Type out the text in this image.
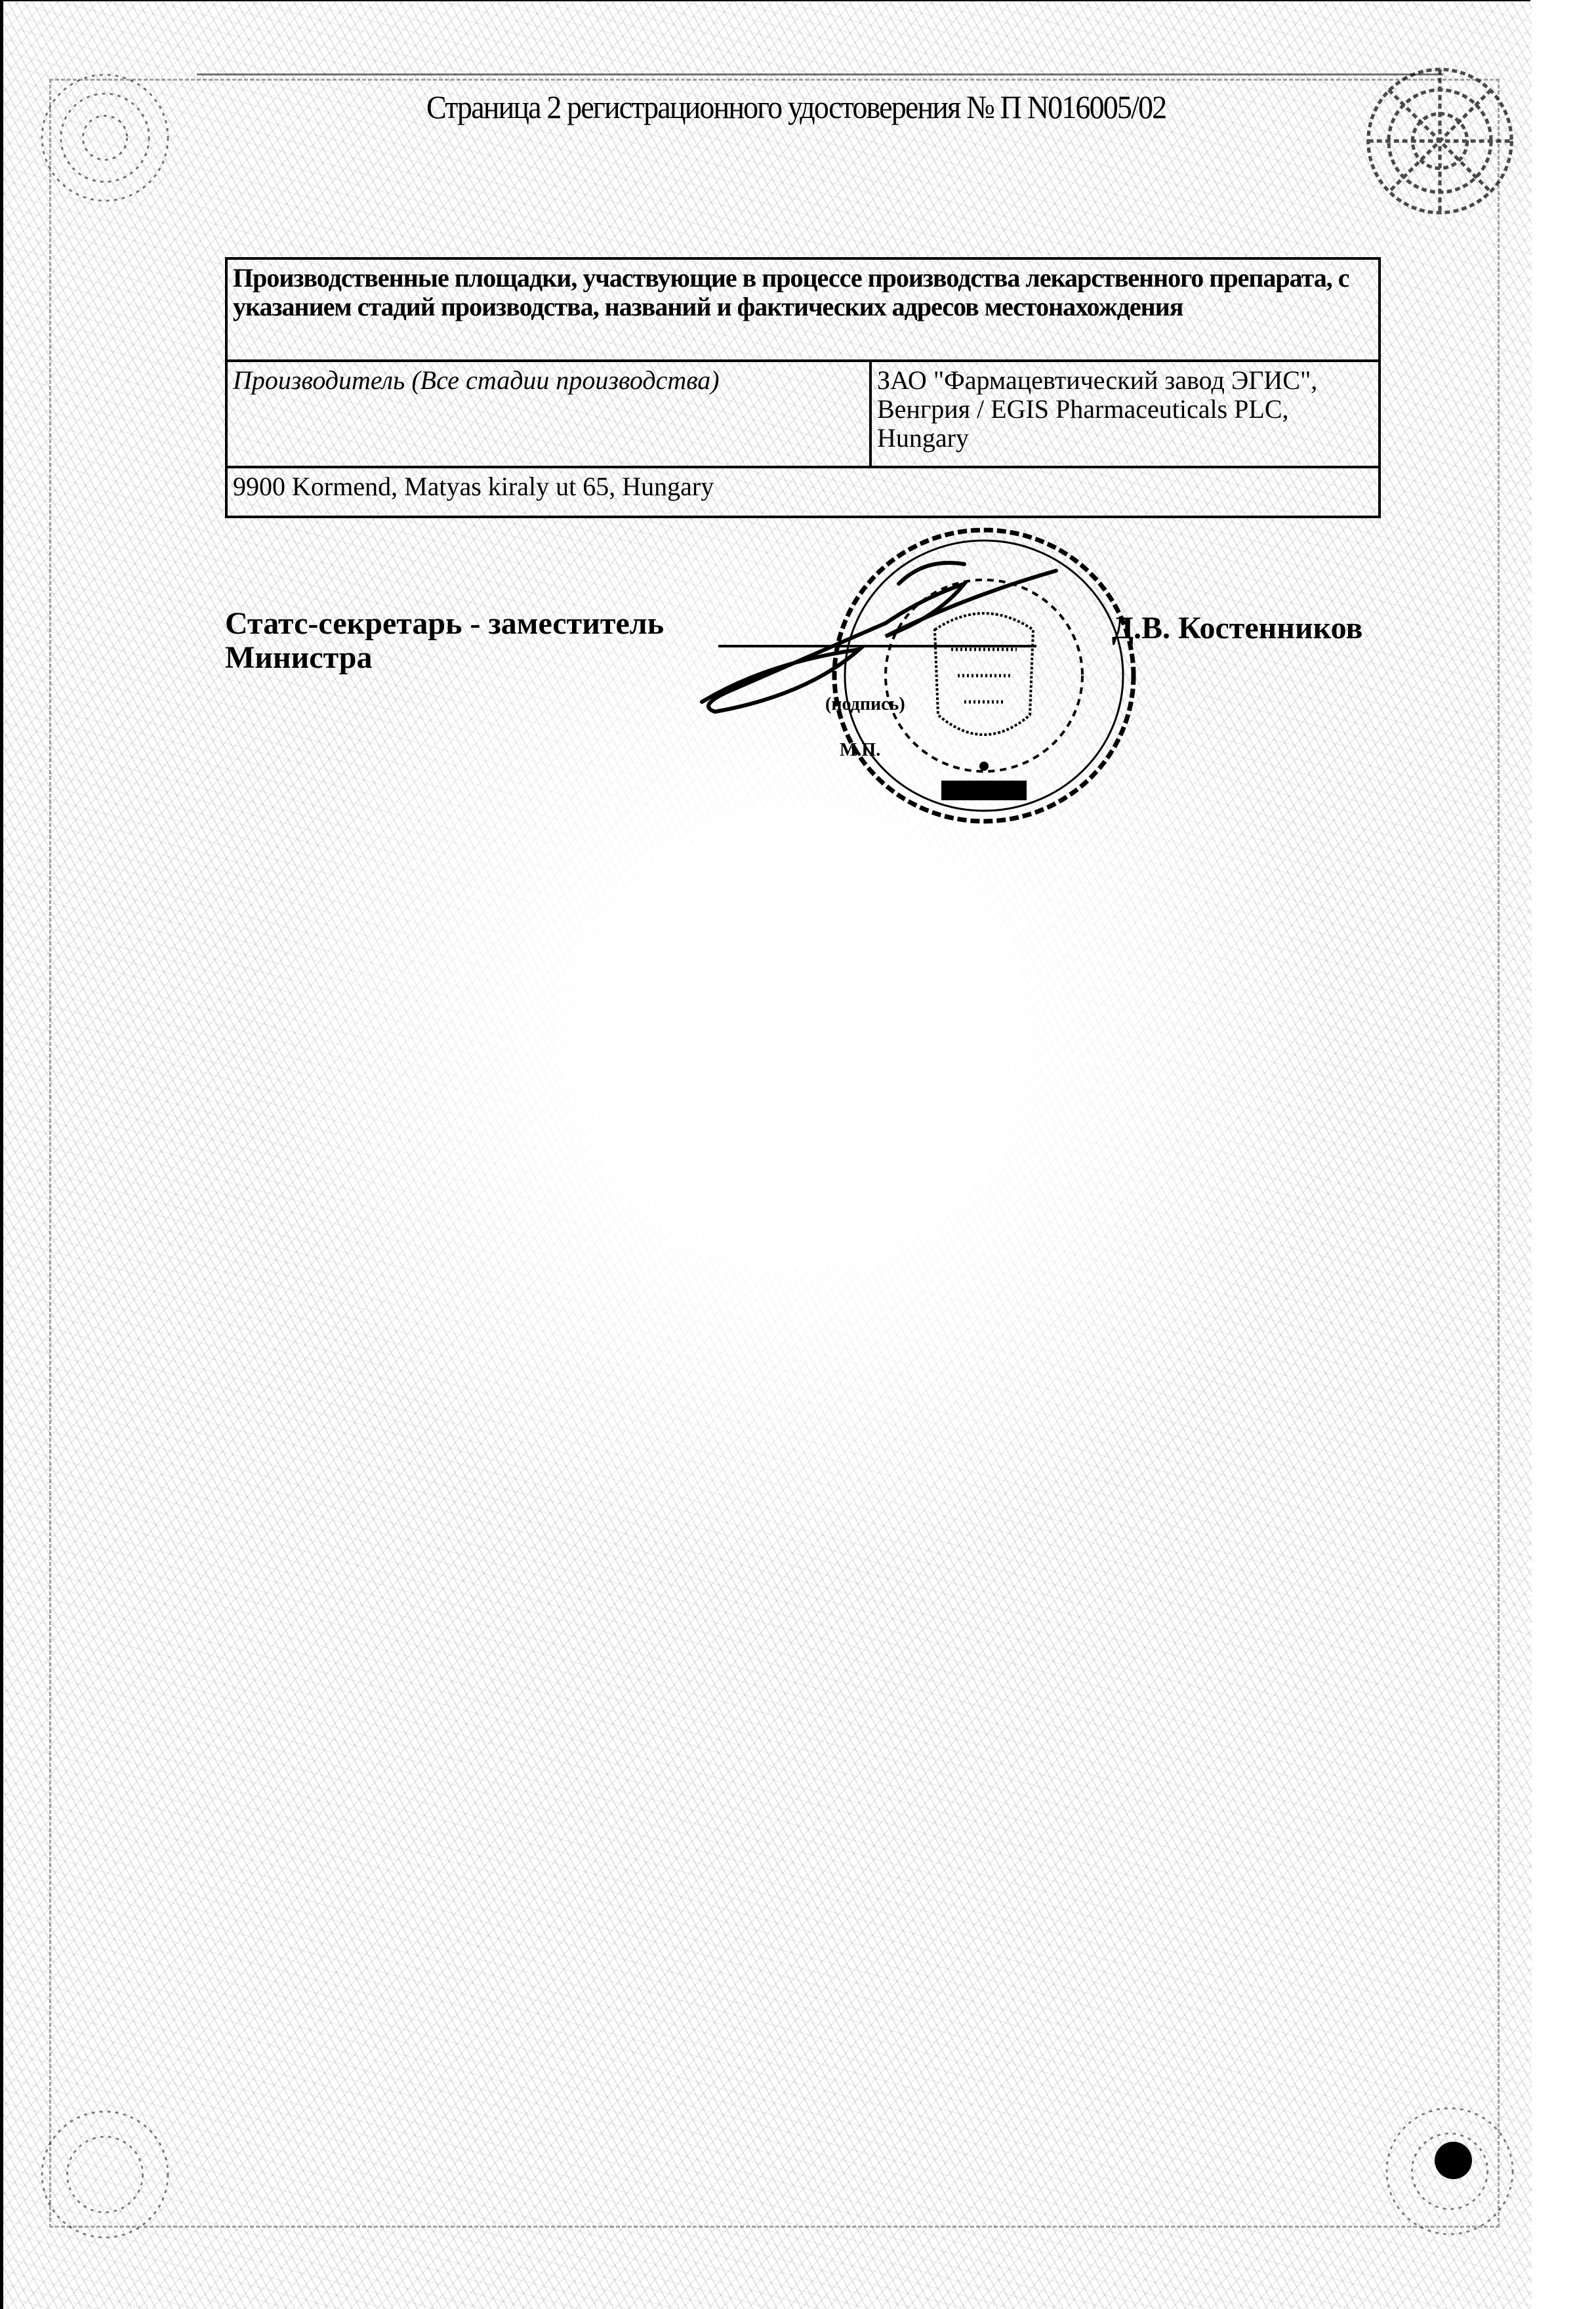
Страница 2 регистрационного удостоверения № П N016005/02
Производственные площадки, участвующие в процессе производства лекарственного препарата, с указанием стадий производства, названий и фактических адресов местонахождения
Производитель (Все стадии производства)	ЗАО "Фармацевтический завод ЭГИС", Венгрия / EGIS Pharmaceuticals PLC, Hungary
9900 Kormend, Matyas kiraly ut 65, Hungary
Статс-секретарь - заместитель
Министра
(подпись)
М.П.
Д.В. Костенников
